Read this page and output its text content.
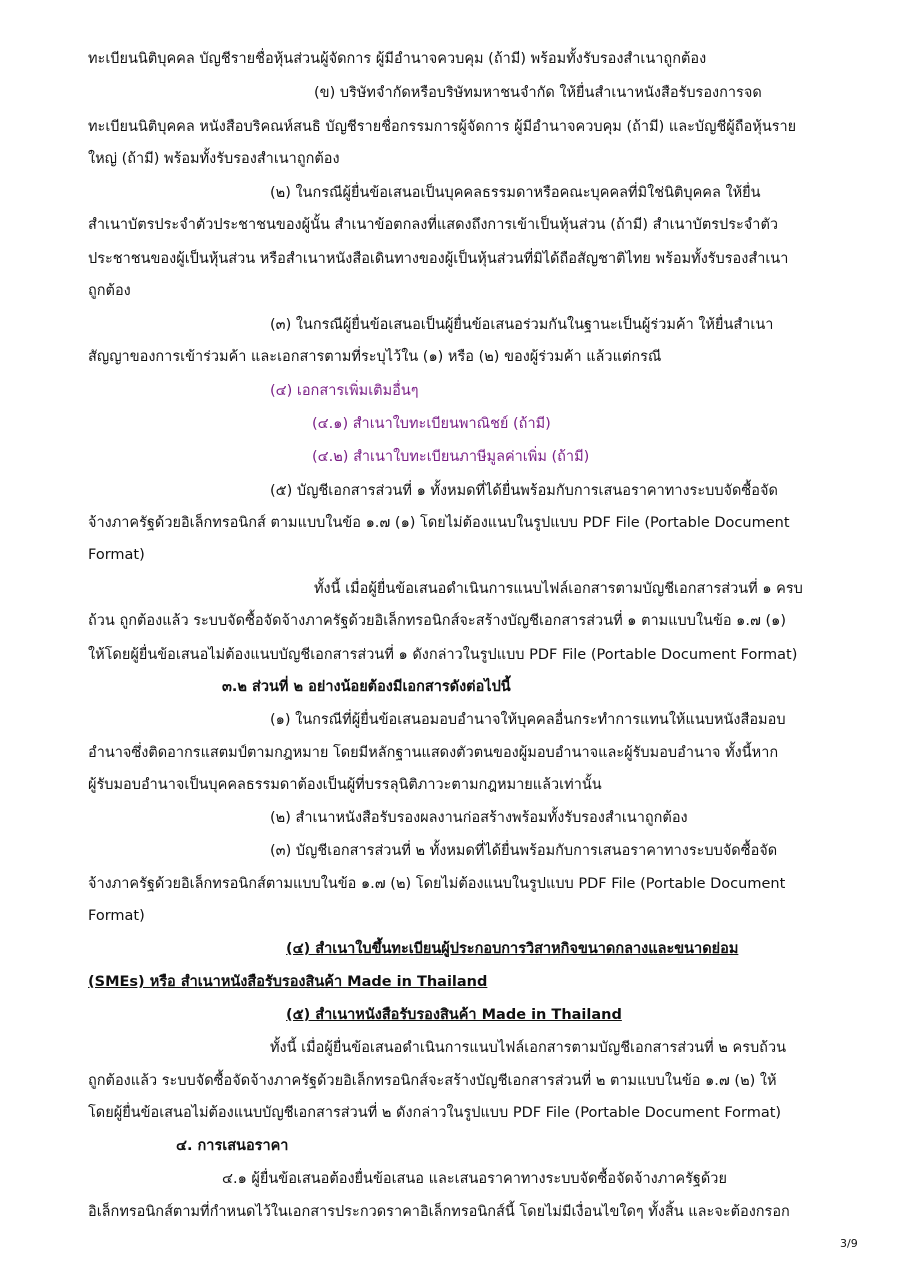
ทะเบียนนิติบุคคล บัญชีรายชื่อหุ้นส่วนผู้จัดการ ผู้มีอำนาจควบคุม (ถ้ามี) พร้อมทั้งรับรองสำเนาถูกต้อง
(ข) บริษัทจำกัดหรือบริษัทมหาชนจำกัด ให้ยื่นสำเนาหนังสือรับรองการจด
ทะเบียนนิติบุคคล หนังสือบริคณห์สนธิ บัญชีรายชื่อกรรมการผู้จัดการ ผู้มีอำนาจควบคุม (ถ้ามี) และบัญชีผู้ถือหุ้นราย
ใหญ่ (ถ้ามี) พร้อมทั้งรับรองสำเนาถูกต้อง
(๒) ในกรณีผู้ยื่นข้อเสนอเป็นบุคคลธรรมดาหรือคณะบุคคลที่มิใช่นิติบุคคล ให้ยื่น
สำเนาบัตรประจำตัวประชาชนของผู้นั้น สำเนาข้อตกลงที่แสดงถึงการเข้าเป็นหุ้นส่วน (ถ้ามี) สำเนาบัตรประจำตัว
ประชาชนของผู้เป็นหุ้นส่วน หรือสำเนาหนังสือเดินทางของผู้เป็นหุ้นส่วนที่มิได้ถือสัญชาติไทย พร้อมทั้งรับรองสำเนา
ถูกต้อง
(๓) ในกรณีผู้ยื่นข้อเสนอเป็นผู้ยื่นข้อเสนอร่วมกันในฐานะเป็นผู้ร่วมค้า ให้ยื่นสำเนา
สัญญาของการเข้าร่วมค้า และเอกสารตามที่ระบุไว้ใน (๑) หรือ (๒) ของผู้ร่วมค้า แล้วแต่กรณี
(๔) เอกสารเพิ่มเติมอื่นๆ
(๔.๑) สำเนาใบทะเบียนพาณิชย์ (ถ้ามี)
(๔.๒) สำเนาใบทะเบียนภาษีมูลค่าเพิ่ม (ถ้ามี)
(๕) บัญชีเอกสารส่วนที่ ๑ ทั้งหมดที่ได้ยื่นพร้อมกับการเสนอราคาทางระบบจัดซื้อจัด
จ้างภาครัฐด้วยอิเล็กทรอนิกส์ ตามแบบในข้อ ๑.๗ (๑) โดยไม่ต้องแนบในรูปแบบ PDF File (Portable Document
Format)
ทั้งนี้ เมื่อผู้ยื่นข้อเสนอดำเนินการแนบไฟล์เอกสารตามบัญชีเอกสารส่วนที่ ๑ ครบ
ถ้วน ถูกต้องแล้ว ระบบจัดซื้อจัดจ้างภาครัฐด้วยอิเล็กทรอนิกส์จะสร้างบัญชีเอกสารส่วนที่ ๑ ตามแบบในข้อ ๑.๗ (๑)
ให้โดยผู้ยื่นข้อเสนอไม่ต้องแนบบัญชีเอกสารส่วนที่ ๑ ดังกล่าวในรูปแบบ PDF File (Portable Document Format)
๓.๒ ส่วนที่ ๒ อย่างน้อยต้องมีเอกสารดังต่อไปนี้
(๑) ในกรณีที่ผู้ยื่นข้อเสนอมอบอำนาจให้บุคคลอื่นกระทำการแทนให้แนบหนังสือมอบ
อำนาจซึ่งติดอากรแสตมป์ตามกฎหมาย โดยมีหลักฐานแสดงตัวตนของผู้มอบอำนาจและผู้รับมอบอำนาจ ทั้งนี้หาก
ผู้รับมอบอำนาจเป็นบุคคลธรรมดาต้องเป็นผู้ที่บรรลุนิติภาวะตามกฎหมายแล้วเท่านั้น
(๒) สำเนาหนังสือรับรองผลงานก่อสร้างพร้อมทั้งรับรองสำเนาถูกต้อง
(๓) บัญชีเอกสารส่วนที่ ๒ ทั้งหมดที่ได้ยื่นพร้อมกับการเสนอราคาทางระบบจัดซื้อจัด
จ้างภาครัฐด้วยอิเล็กทรอนิกส์ตามแบบในข้อ ๑.๗ (๒) โดยไม่ต้องแนบในรูปแบบ PDF File (Portable Document
Format)
(๔) สำเนาใบขึ้นทะเบียนผู้ประกอบการวิสาหกิจขนาดกลางและขนาดย่อม
(SMEs) หรือ สำเนาหนังสือรับรองสินค้า Made in Thailand
(๕) สำเนาหนังสือรับรองสินค้า Made in Thailand
ทั้งนี้ เมื่อผู้ยื่นข้อเสนอดำเนินการแนบไฟล์เอกสารตามบัญชีเอกสารส่วนที่ ๒ ครบถ้วน
ถูกต้องแล้ว ระบบจัดซื้อจัดจ้างภาครัฐด้วยอิเล็กทรอนิกส์จะสร้างบัญชีเอกสารส่วนที่ ๒ ตามแบบในข้อ ๑.๗ (๒) ให้
โดยผู้ยื่นข้อเสนอไม่ต้องแนบบัญชีเอกสารส่วนที่ ๒ ดังกล่าวในรูปแบบ PDF File (Portable Document Format)
๔. การเสนอราคา
๔.๑ ผู้ยื่นข้อเสนอต้องยื่นข้อเสนอ และเสนอราคาทางระบบจัดซื้อจัดจ้างภาครัฐด้วย
อิเล็กทรอนิกส์ตามที่กำหนดไว้ในเอกสารประกวดราคาอิเล็กทรอนิกส์นี้ โดยไม่มีเงื่อนไขใดๆ ทั้งสิ้น และจะต้องกรอก
3/9
